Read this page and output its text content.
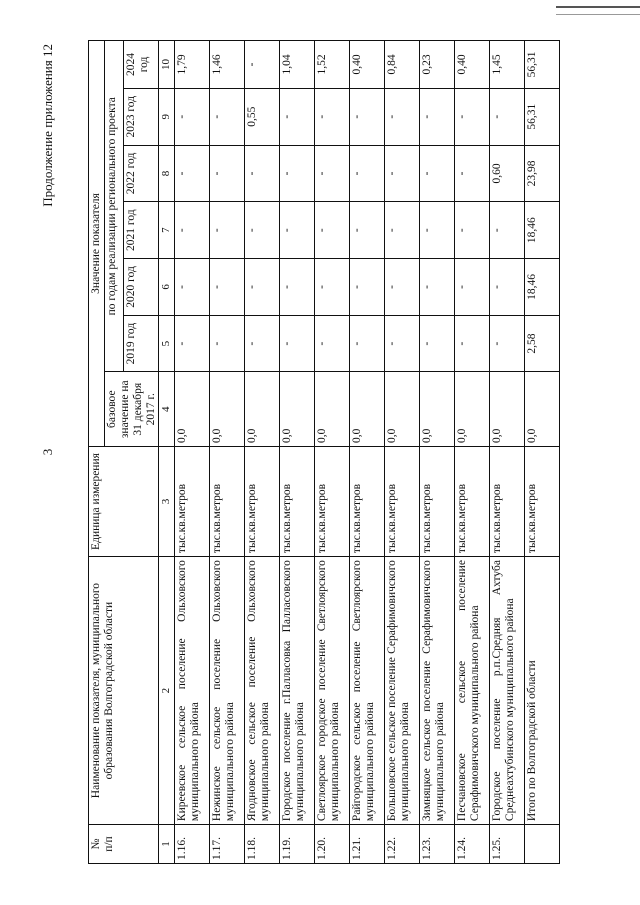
3
Продолжение приложения 12
№
п/п	Наименование показателя, муниципального образования Волгоградской области	Единица измерения	Значение показателя						
			базовое значение на 31 декабря 2017 г.	по годам реализации регионального проекта					
				2019 год	2020 год	2021 год	2022 год	2023 год	2024 год
1	2	3	4	5	6	7	8	9	10
1.16.	Киреевское сельское поселение Ольховского муниципального района	тыс.кв.метров	0,0	-	-	-	-	-	1,79
1.17.	Нежинское сельское поселение Ольховского муниципального района	тыс.кв.метров	0,0	-	-	-	-	-	1,46
1.18.	Ягодновское сельское поселение Ольховского муниципального района	тыс.кв.метров	0,0	-	-	-	-	0,55	-
1.19.	Городское поселение г.Палласовка Палласовского муниципального района	тыс.кв.метров	0,0	-	-	-	-	-	1,04
1.20.	Светлоярское городское поселение Светлоярского муниципального района	тыс.кв.метров	0,0	-	-	-	-	-	1,52
1.21.	Райгородское сельское поселение Светлоярского муниципального района	тыс.кв.метров	0,0	-	-	-	-	-	0,40
1.22.	Большовское сельское поселение Серафимовичского муниципального района	тыс.кв.метров	0,0	-	-	-	-	-	0,84
1.23.	Зимняцкое сельское поселение Серафимовичского муниципального района	тыс.кв.метров	0,0	-	-	-	-	-	0,23
1.24.	Песчановское сельское поселение Серафимовичского муниципального района	тыс.кв.метров	0,0	-	-	-	-	-	0,40
1.25.	Городское поселение р.п.Средняя Ахтуба Среднеахтубинского муниципального района	тыс.кв.метров	0,0	-	-	-	0,60	-	1,45
	Итого по Волгоградской области	тыс.кв.метров	0,0	2,58	18,46	18,46	23,98	56,31	56,31
